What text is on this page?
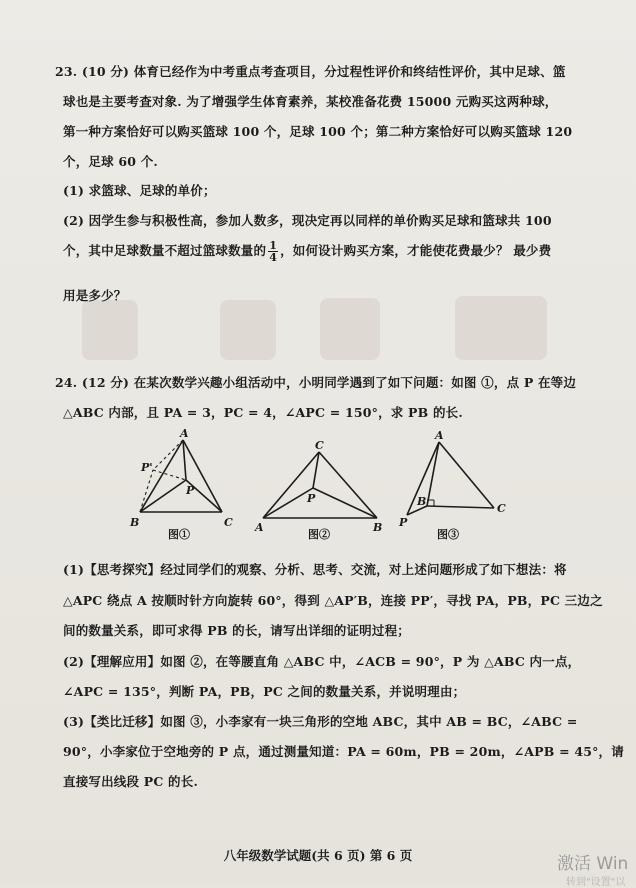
23. (10 分) 体育已经作为中考重点考查项目，分过程性评价和终结性评价，其中足球、篮
球也是主要考查对象. 为了增强学生体育素养，某校准备花费 15000 元购买这两种球，
第一种方案恰好可以购买篮球 100 个，足球 100 个；第二种方案恰好可以购买篮球 120
个，足球 60 个.
(1) 求篮球、足球的单价；
(2) 因学生参与积极性高，参加人数多，现决定再以同样的单价购买足球和篮球共 100
个，其中足球数量不超过篮球数量的 $\frac{1}{4}$ ，如何设计购买方案，才能使花费最少？ 最少费
用是多少？
24. (12 分) 在某次数学兴趣小组活动中，小明同学遇到了如下问题：如图 ①，点 P 在等边
△ABC 内部，且 PA = 3，PC = 4，∠APC = 150°，求 PB 的长.
A
P'
P
B	C
图①
C
P
A	B
图②
A
B
C
P
图③
(1)【思考探究】经过同学们的观察、分析、思考、交流，对上述问题形成了如下想法：将
△APC 绕点 A 按顺时针方向旋转 60°，得到 △AP′B，连接 PP′，寻找 PA，PB，PC 三边之
间的数量关系，即可求得 PB 的长，请写出详细的证明过程；
(2)【理解应用】如图 ②，在等腰直角 △ABC 中，∠ACB = 90°，P 为 △ABC 内一点，
∠APC = 135°，判断 PA，PB，PC 之间的数量关系，并说明理由；
(3)【类比迁移】如图 ③，小李家有一块三角形的空地 ABC，其中 AB = BC，∠ABC =
90°，小李家位于空地旁的 P 点，通过测量知道：PA = 60m，PB = 20m，∠APB = 45°，请
直接写出线段 PC 的长.
八年级数学试题(共 6 页) 第 6 页	激活 Win
转到"设置"以
